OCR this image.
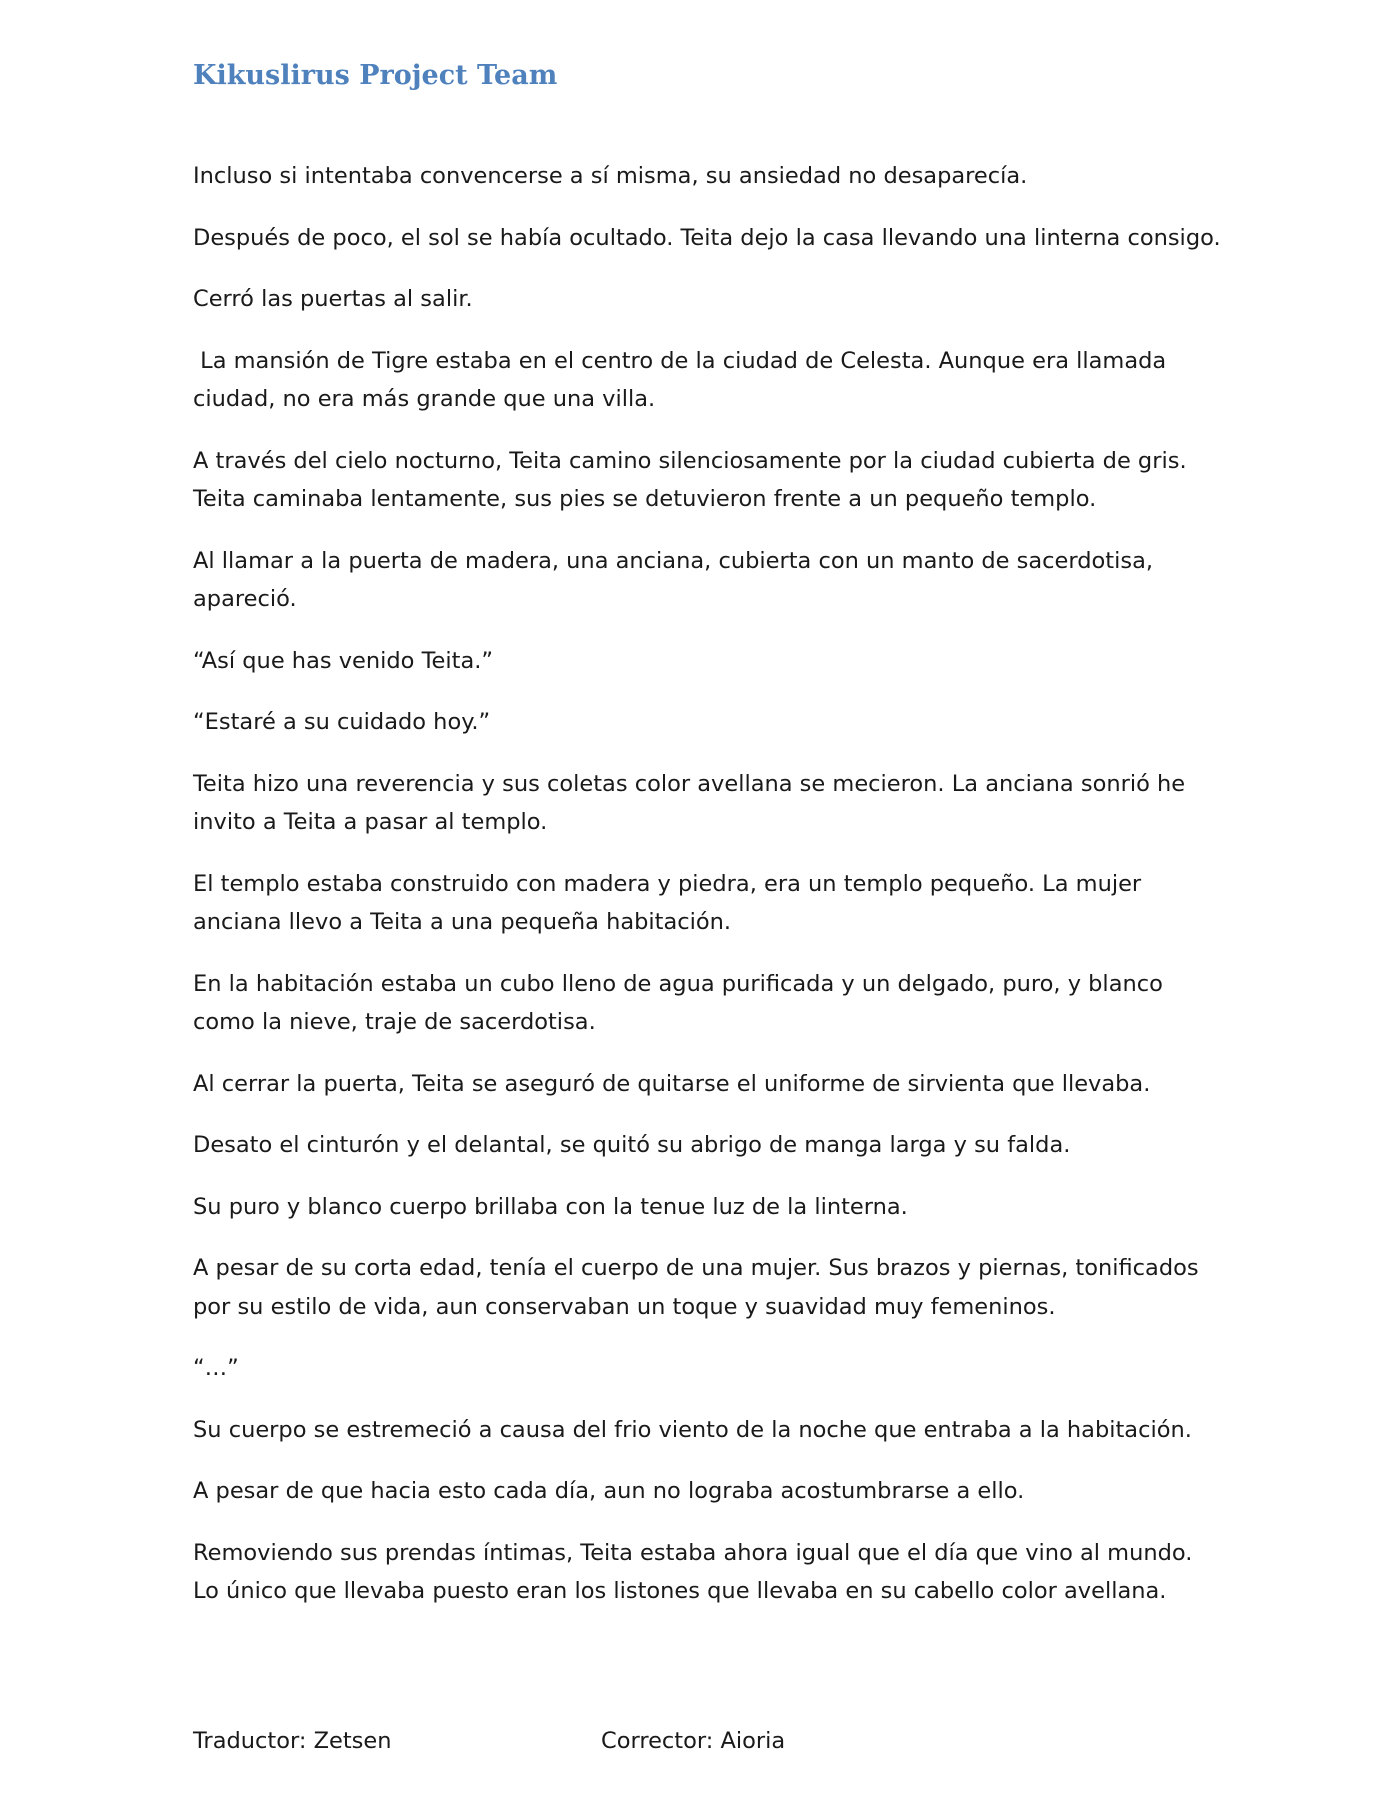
Kikuslirus Project Team

Incluso si intentaba convencerse a sí misma, su ansiedad no desaparecía.

Después de poco, el sol se había ocultado. Teita dejo la casa llevando una linterna consigo.

Cerró las puertas al salir.

La mansión de Tigre estaba en el centro de la ciudad de Celesta. Aunque era llamada ciudad, no era más grande que una villa.

A través del cielo nocturno, Teita camino silenciosamente por la ciudad cubierta de gris. Teita caminaba lentamente, sus pies se detuvieron frente a un pequeño templo.

Al llamar a la puerta de madera, una anciana, cubierta con un manto de sacerdotisa, apareció.

“Así que has venido Teita.”

“Estaré a su cuidado hoy.”

Teita hizo una reverencia y sus coletas color avellana se mecieron. La anciana sonrió he invito a Teita a pasar al templo.

El templo estaba construido con madera y piedra, era un templo pequeño. La mujer anciana llevo a Teita a una pequeña habitación.

En la habitación estaba un cubo lleno de agua purificada y un delgado, puro, y blanco como la nieve, traje de sacerdotisa.

Al cerrar la puerta, Teita se aseguró de quitarse el uniforme de sirvienta que llevaba.

Desato el cinturón y el delantal, se quitó su abrigo de manga larga y su falda.

Su puro y blanco cuerpo brillaba con la tenue luz de la linterna.

A pesar de su corta edad, tenía el cuerpo de una mujer. Sus brazos y piernas, tonificados por su estilo de vida, aun conservaban un toque y suavidad muy femeninos.

“…”

Su cuerpo se estremeció a causa del frio viento de la noche que entraba a la habitación.

A pesar de que hacia esto cada día, aun no lograba acostumbrarse a ello.

Removiendo sus prendas íntimas, Teita estaba ahora igual que el día que vino al mundo. Lo único que llevaba puesto eran los listones que llevaba en su cabello color avellana.

Traductor: Zetsen	Corrector: Aioria
